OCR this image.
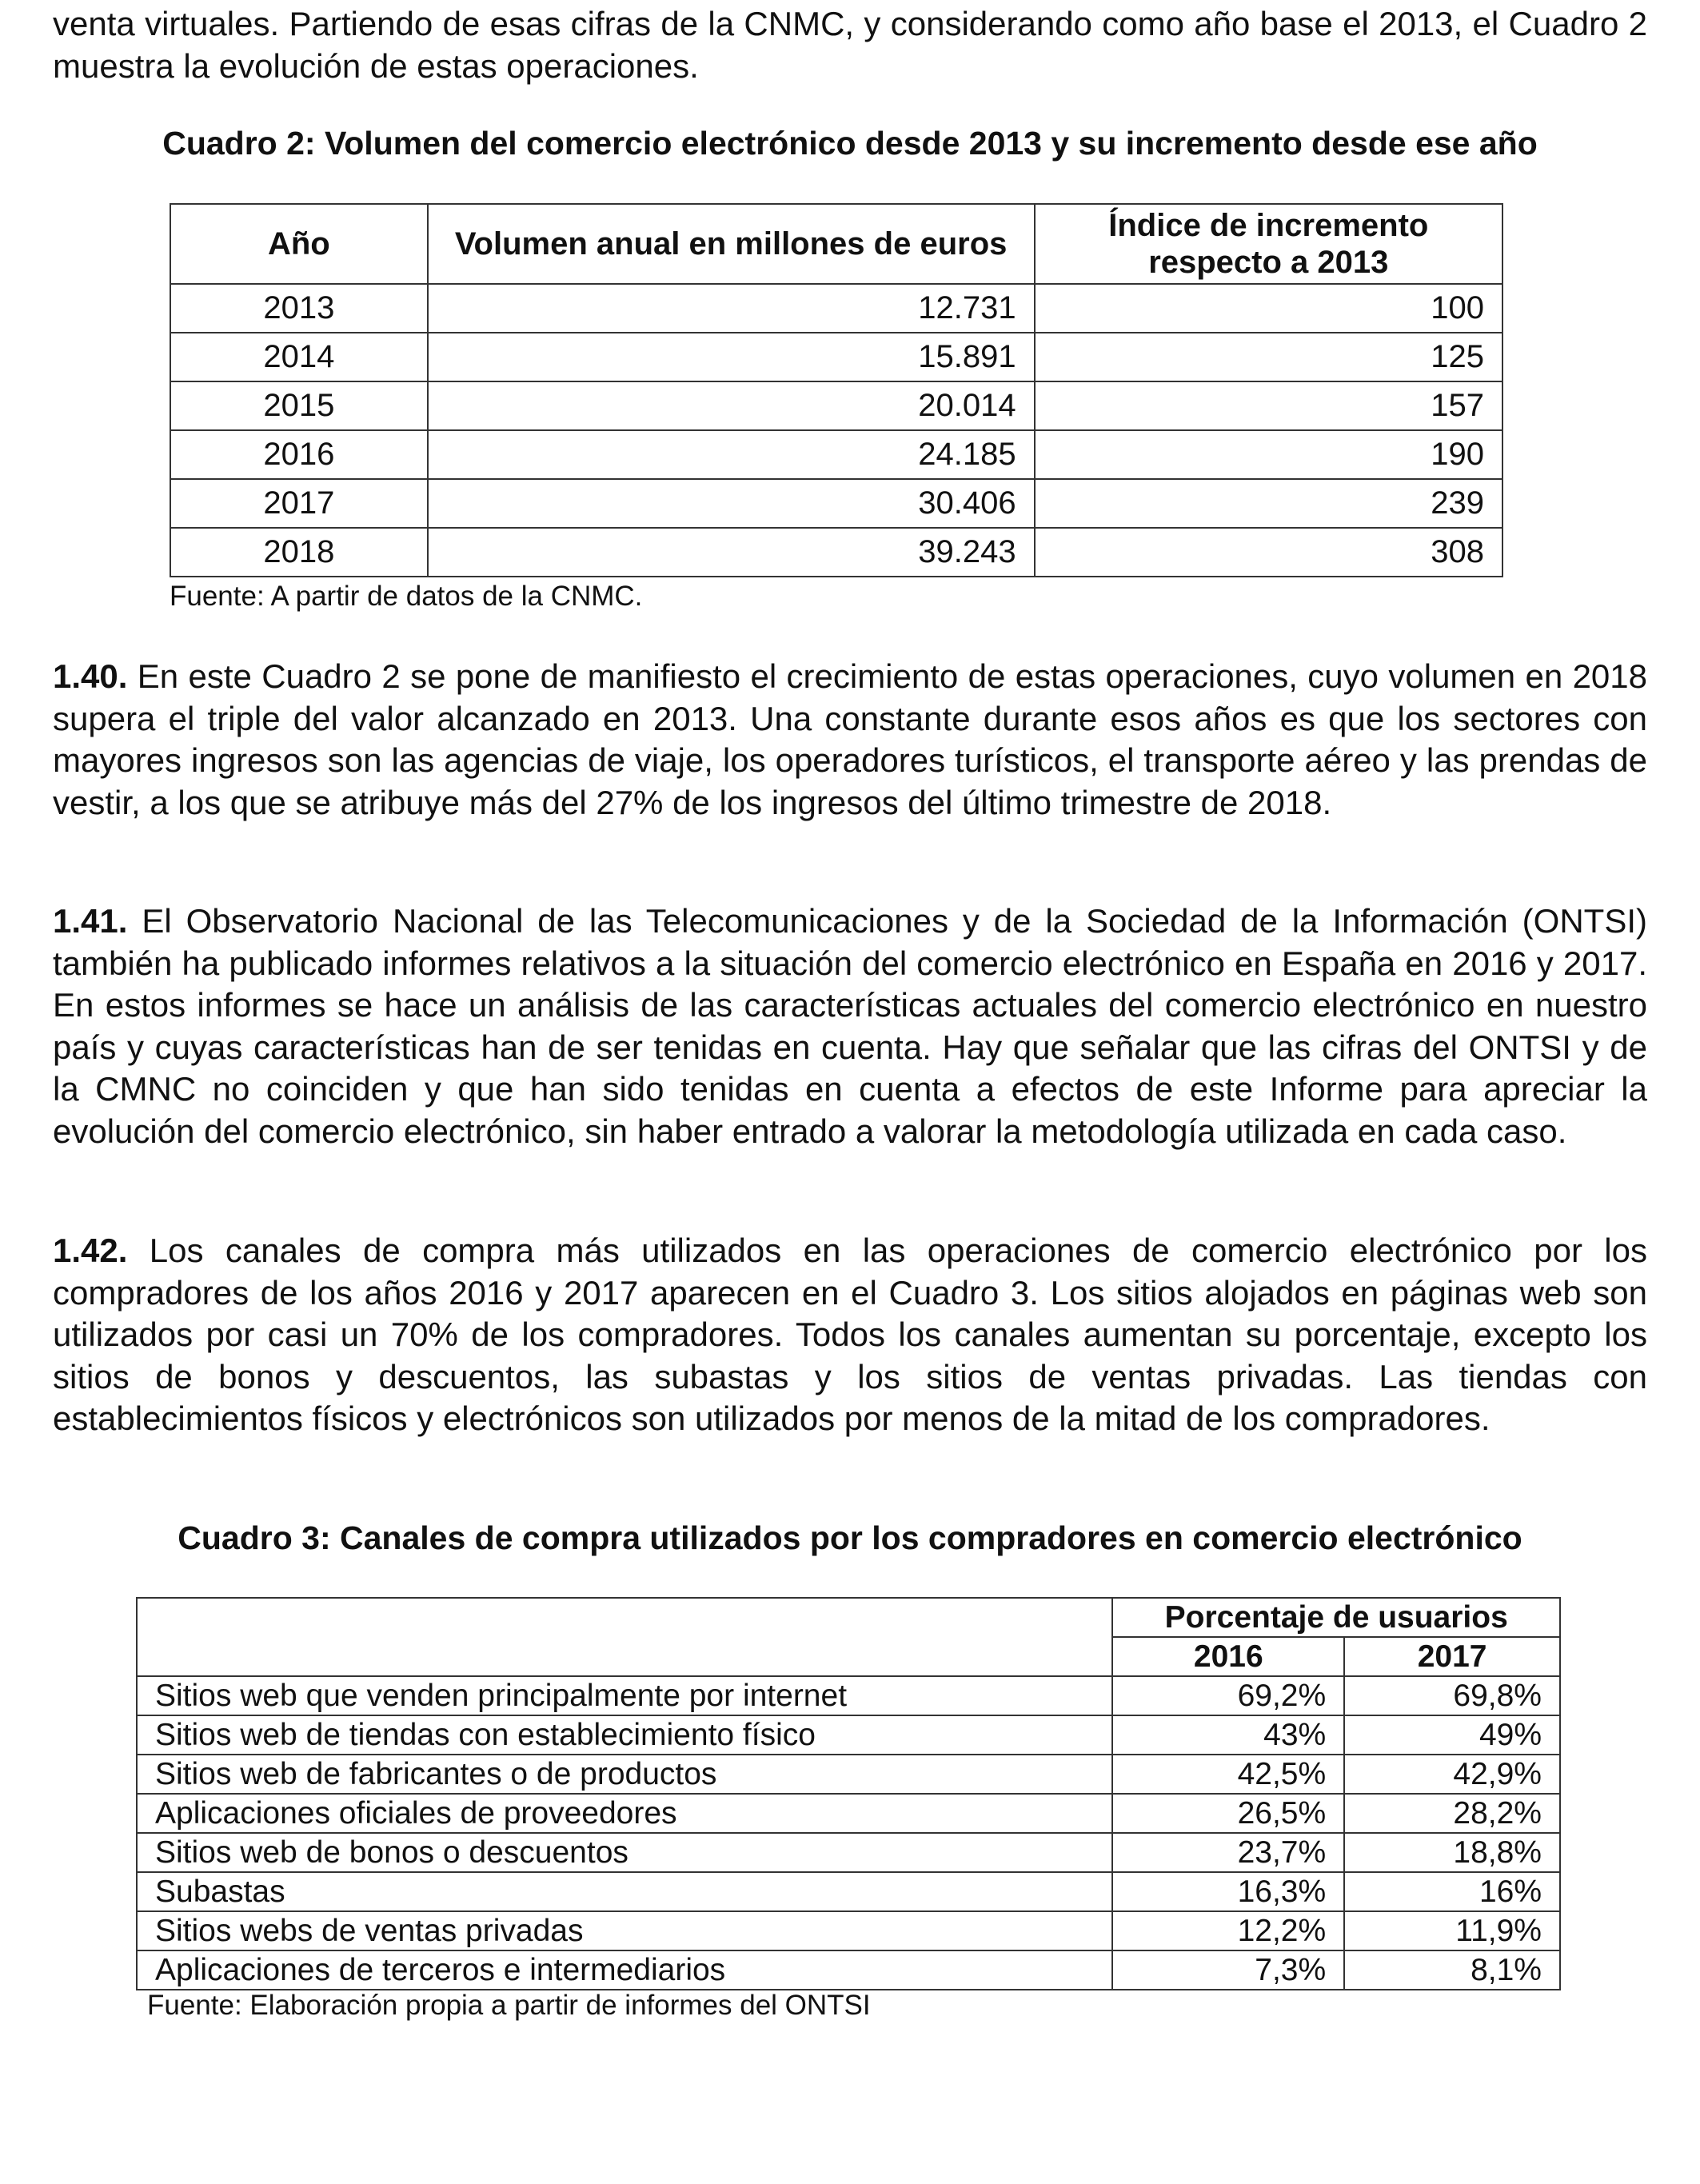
venta virtuales. Partiendo de esas cifras de la CNMC, y considerando como año base el 2013, el Cuadro 2 muestra la evolución de estas operaciones.

Cuadro 2: Volumen del comercio electrónico desde 2013 y su incremento desde ese año

Año	Volumen anual en millones de euros	Índice de incremento respecto a 2013
2013	12.731	100
2014	15.891	125
2015	20.014	157
2016	24.185	190
2017	30.406	239
2018	39.243	308

Fuente: A partir de datos de la CNMC.

1.40. En este Cuadro 2 se pone de manifiesto el crecimiento de estas operaciones, cuyo volumen en 2018 supera el triple del valor alcanzado en 2013. Una constante durante esos años es que los sectores con mayores ingresos son las agencias de viaje, los operadores turísticos, el transporte aéreo y las prendas de vestir, a los que se atribuye más del 27% de los ingresos del último trimestre de 2018.

1.41. El Observatorio Nacional de las Telecomunicaciones y de la Sociedad de la Información (ONTSI) también ha publicado informes relativos a la situación del comercio electrónico en España en 2016 y 2017. En estos informes se hace un análisis de las características actuales del comercio electrónico en nuestro país y cuyas características han de ser tenidas en cuenta. Hay que señalar que las cifras del ONTSI y de la CMNC no coinciden y que han sido tenidas en cuenta a efectos de este Informe para apreciar la evolución del comercio electrónico, sin haber entrado a valorar la metodología utilizada en cada caso.

1.42. Los canales de compra más utilizados en las operaciones de comercio electrónico por los compradores de los años 2016 y 2017 aparecen en el Cuadro 3. Los sitios alojados en páginas web son utilizados por casi un 70% de los compradores. Todos los canales aumentan su porcentaje, excepto los sitios de bonos y descuentos, las subastas y los sitios de ventas privadas. Las tiendas con establecimientos físicos y electrónicos son utilizados por menos de la mitad de los compradores.

Cuadro 3: Canales de compra utilizados por los compradores en comercio electrónico

	Porcentaje de usuarios	
	2016	2017
Sitios web que venden principalmente por internet	69,2%	69,8%
Sitios web de tiendas con establecimiento físico	43%	49%
Sitios web de fabricantes o de productos	42,5%	42,9%
Aplicaciones oficiales de proveedores	26,5%	28,2%
Sitios web de bonos o descuentos	23,7%	18,8%
Subastas	16,3%	16%
Sitios webs de ventas privadas	12,2%	11,9%
Aplicaciones de terceros e intermediarios	7,3%	8,1%

Fuente: Elaboración propia a partir de informes del ONTSI
